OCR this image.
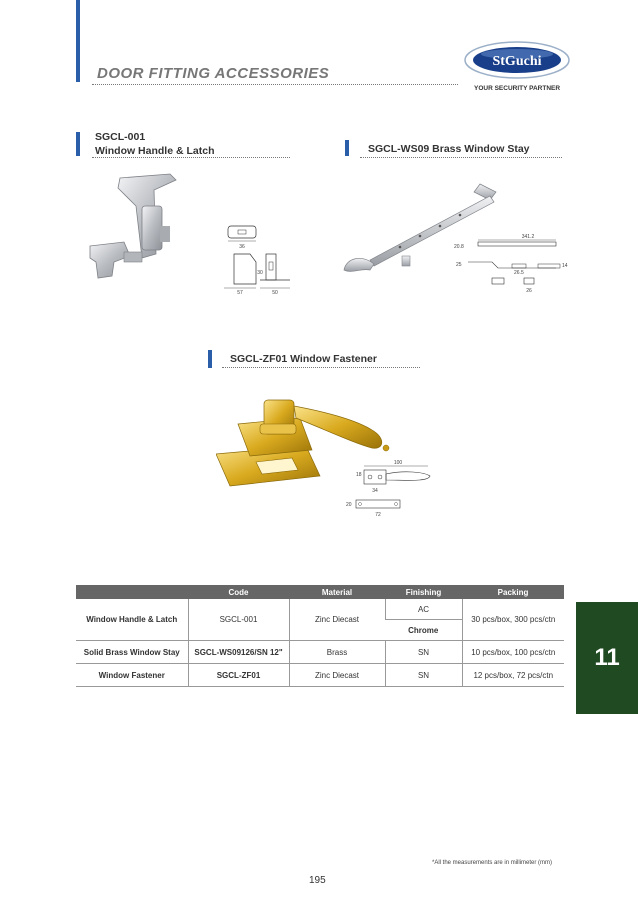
DOOR FITTING ACCESSORIES
StGuchi
YOUR SECURITY PARTNER
SGCL-001
Window Handle & Latch	SGCL-WS09 Brass Window Stay
36
30
57	50
341.2
20.8
25	14
26.5
26
SGCL-ZF01 Window Fastener
100
18
34
20
72
	Code	Material	Finishing	Packing
Window Handle & Latch	SGCL-001	Zinc Diecast	AC	30 pcs/box, 300 pcs/ctn
			Chrome	
Solid Brass Window Stay	SGCL-WS09126/SN 12"	Brass	SN	10 pcs/box, 100 pcs/ctn
Window Fastener	SGCL-ZF01	Zinc Diecast	SN	12 pcs/box, 72 pcs/ctn
11
*All the measurements are in millimeter (mm)
195
